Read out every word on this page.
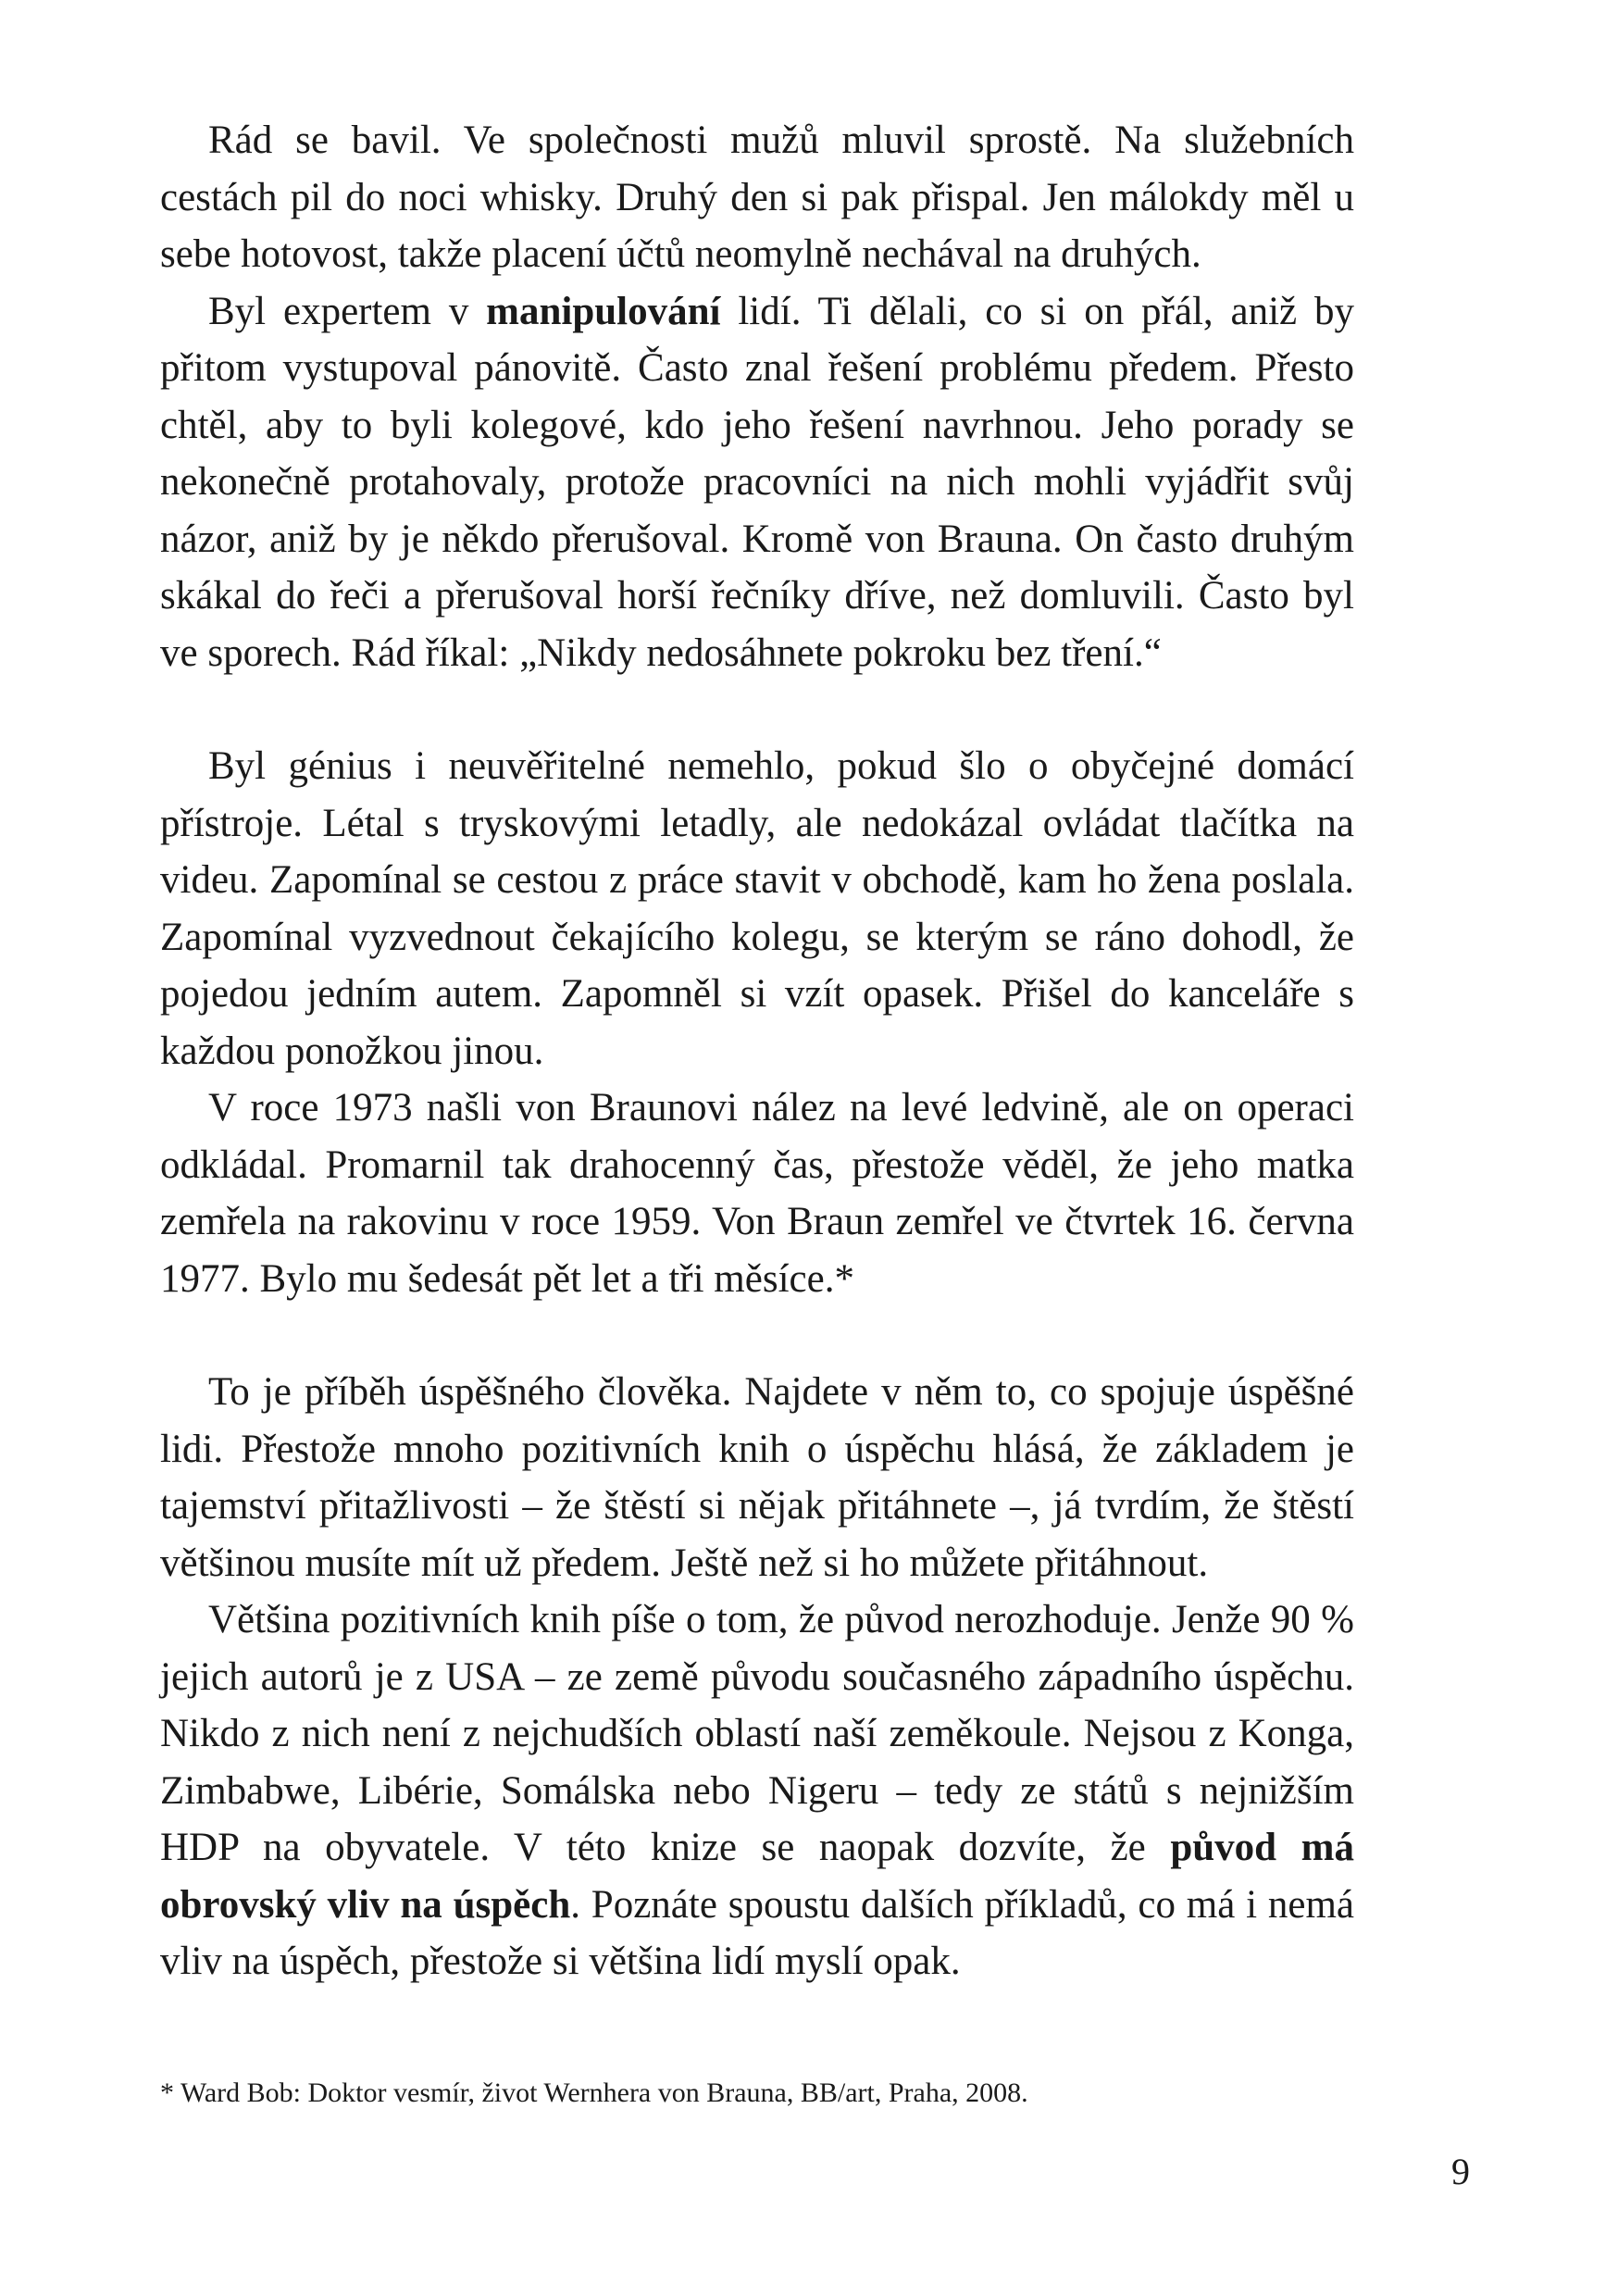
Rád se bavil. Ve společnosti mužů mluvil sprostě. Na služebních cestách pil do noci whisky. Druhý den si pak přispal. Jen málokdy měl u sebe hotovost, takže placení účtů neomylně nechával na druhých.

Byl expertem v manipulování lidí. Ti dělali, co si on přál, aniž by přitom vystupoval pánovitě. Často znal řešení problému předem. Přesto chtěl, aby to byli kolegové, kdo jeho řešení navrhnou. Jeho porady se nekonečně protahovaly, protože pracovníci na nich mohli vyjádřit svůj názor, aniž by je někdo přerušoval. Kromě von Brauna. On často druhým skákal do řeči a přerušoval horší řečníky dříve, než domluvili. Často byl ve sporech. Rád říkal: „Nikdy nedosáhnete pokroku bez tření.“

Byl génius i neuvěřitelné nemehlo, pokud šlo o obyčejné domácí přístroje. Létal s tryskovými letadly, ale nedokázal ovládat tlačítka na videu. Zapomínal se cestou z práce stavit v obchodě, kam ho žena poslala. Zapomínal vyzvednout čekajícího kolegu, se kterým se ráno dohodl, že pojedou jedním autem. Zapomněl si vzít opasek. Přišel do kanceláře s každou ponožkou jinou.

V roce 1973 našli von Braunovi nález na levé ledvině, ale on operaci odkládal. Promarnil tak drahocenný čas, přestože věděl, že jeho matka zemřela na rakovinu v roce 1959. Von Braun zemřel ve čtvrtek 16. června 1977. Bylo mu šedesát pět let a tři měsíce.*

To je příběh úspěšného člověka. Najdete v něm to, co spojuje úspěšné lidi. Přestože mnoho pozitivních knih o úspěchu hlásá, že základem je tajemství přitažlivosti – že štěstí si nějak přitáhnete –, já tvrdím, že štěstí většinou musíte mít už předem. Ještě než si ho můžete přitáhnout.

Většina pozitivních knih píše o tom, že původ nerozhoduje. Jenže 90 % jejich autorů je z USA – ze země původu současného západního úspěchu. Nikdo z nich není z nejchudších oblastí naší zeměkoule. Nejsou z Konga, Zimbabwe, Libérie, Somálska nebo Nigeru – tedy ze států s nejnižším HDP na obyvatele. V této knize se naopak dozvíte, že původ má obrovský vliv na úspěch. Poznáte spoustu dalších příkladů, co má i nemá vliv na úspěch, přestože si většina lidí myslí opak.

* Ward Bob: Doktor vesmír, život Wernhera von Brauna, BB/art, Praha, 2008.

9
